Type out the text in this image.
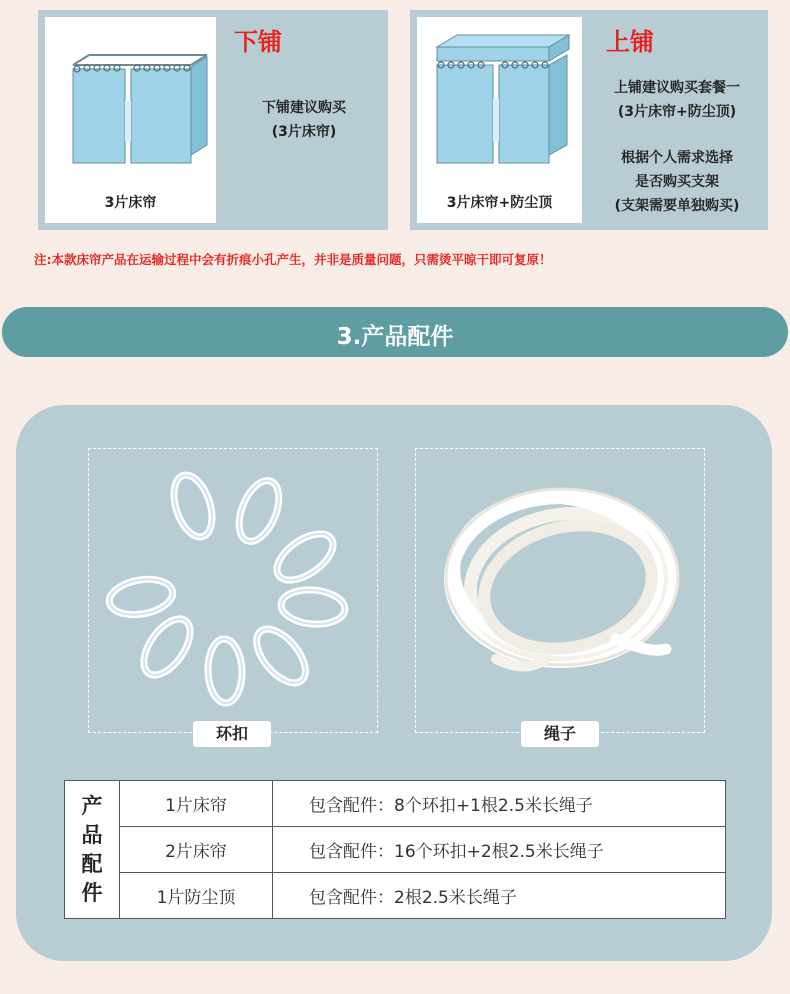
3片床帘
下铺
下铺建议购买
(3片床帘)
3片床帘+防尘顶
上铺
上铺建议购买套餐一
(3片床帘+防尘顶)
根据个人需求选择
是否购买支架
(支架需要单独购买)
注:本款床帘产品在运输过程中会有折痕小孔产生，并非是质量问题，只需烫平晾干即可复原！
3.产品配件
环扣	绳子
产
品
配
件	1片床帘	包含配件：8个环扣+1根2.5米长绳子
	2片床帘	包含配件：16个环扣+2根2.5米长绳子
	1片防尘顶	包含配件：2根2.5米长绳子
